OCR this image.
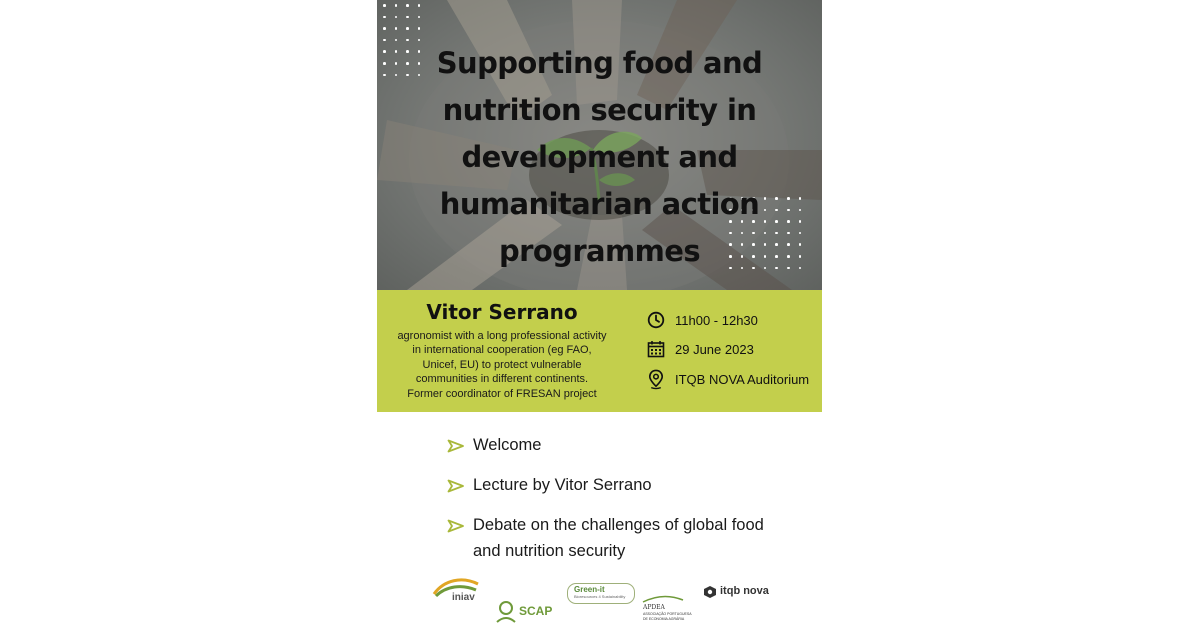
Supporting food and
nutrition security in
development and
humanitarian action
programmes
Vitor Serrano

agronomist with a long professional activity in international cooperation (eg FAO, Unicef, EU) to protect vulnerable communities in different continents. Former coordinator of FRESAN project

11h00 - 12h30
29 June 2023
ITQB NOVA Auditorium
Welcome
Lecture by Vitor Serrano
Debate on the challenges of global food and nutrition security
iniav
SCAP
Green-it
Bioresources 4 Sustainability
APDEA
ASSOCIAÇÃO PORTUGUESA
DE ECONOMIA AGRÁRIA
itqb nova
